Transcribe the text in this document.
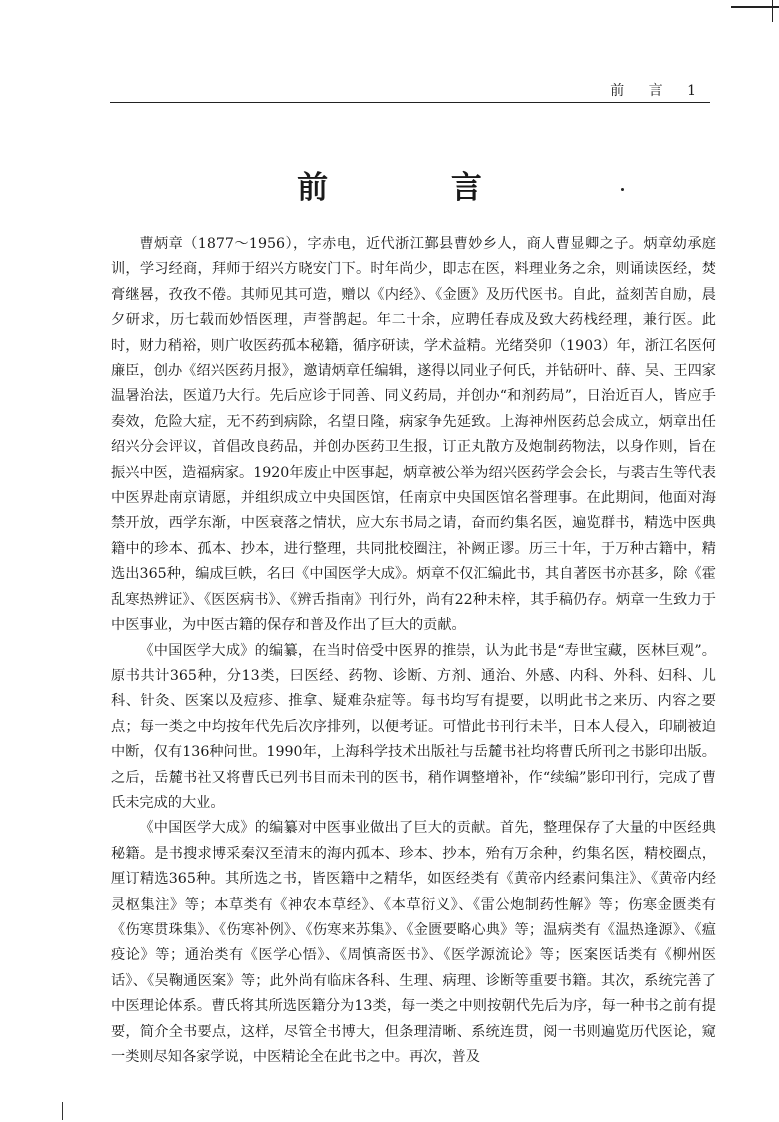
前 言 1
前 言

曹炳章（1877～1956），字赤电，近代浙江鄞县曹妙乡人，商人曹显卿之子。炳章幼承庭训，学习经商，拜师于绍兴方晓安门下。时年尚少，即志在医，料理业务之余，则诵读医经，焚膏继晷，孜孜不倦。其师见其可造，赠以《内经》、《金匮》及历代医书。自此，益刻苦自励，晨夕研求，历七载而妙悟医理，声誉鹊起。年二十余，应聘任春成及致大药栈经理，兼行医。此时，财力稍裕，则广收医药孤本秘籍，循序研读，学术益精。光绪癸卯（1903）年，浙江名医何廉臣，创办《绍兴医药月报》，邀请炳章任编辑，遂得以同业子何氏，并钻研叶、薛、吴、王四家温暑治法，医道乃大行。先后应诊于同善、同义药局，并创办“和剂药局”，日治近百人，皆应手奏效，危险大症，无不药到病除，名望日隆，病家争先延致。上海神州医药总会成立，炳章出任绍兴分会评议，首倡改良药品，并创办医药卫生报，订正丸散方及炮制药物法，以身作则，旨在振兴中医，造福病家。1920年废止中医事起，炳章被公举为绍兴医药学会会长，与裘吉生等代表中医界赴南京请愿，并组织成立中央国医馆，任南京中央国医馆名誉理事。在此期间，他面对海禁开放，西学东渐，中医衰落之情状，应大东书局之请，奋而约集名医，遍览群书，精选中医典籍中的珍本、孤本、抄本，进行整理，共同批校圈注，补阙正谬。历三十年，于万种古籍中，精选出365种，编成巨帙，名曰《中国医学大成》。炳章不仅汇编此书，其自著医书亦甚多，除《霍乱寒热辨证》、《医医病书》、《辨舌指南》刊行外，尚有22种未梓，其手稿仍存。炳章一生致力于中医事业，为中医古籍的保存和普及作出了巨大的贡献。

《中国医学大成》的编纂，在当时倍受中医界的推崇，认为此书是“寿世宝藏，医林巨观”。原书共计365种，分13类，曰医经、药物、诊断、方剂、通治、外感、内科、外科、妇科、儿科、针灸、医案以及痘疹、推拿、疑难杂症等。每书均写有提要，以明此书之来历、内容之要点；每一类之中均按年代先后次序排列，以便考证。可惜此书刊行未半，日本人侵入，印刷被迫中断，仅有136种问世。1990年，上海科学技术出版社与岳麓书社均将曹氏所刊之书影印出版。之后，岳麓书社又将曹氏已列书目而未刊的医书，稍作调整增补，作“续编”影印刊行，完成了曹氏未完成的大业。

《中国医学大成》的编纂对中医事业做出了巨大的贡献。首先，整理保存了大量的中医经典秘籍。是书搜求博采秦汉至清末的海内孤本、珍本、抄本，殆有万余种，约集名医，精校圈点，厘订精选365种。其所选之书，皆医籍中之精华，如医经类有《黄帝内经素问集注》、《黄帝内经灵枢集注》等；本草类有《神农本草经》、《本草衍义》、《雷公炮制药性解》等；伤寒金匮类有《伤寒贯珠集》、《伤寒补例》、《伤寒来苏集》、《金匮要略心典》等；温病类有《温热逢源》、《瘟疫论》等；通治类有《医学心悟》、《周慎斋医书》、《医学源流论》等；医案医话类有《柳州医话》、《吴鞠通医案》等；此外尚有临床各科、生理、病理、诊断等重要书籍。其次，系统完善了中医理论体系。曹氏将其所选医籍分为13类，每一类之中则按朝代先后为序，每一种书之前有提要，简介全书要点，这样，尽管全书博大，但条理清晰、系统连贯，阅一书则遍览历代医论，窥一类则尽知各家学说，中医精论全在此书之中。再次，普及
